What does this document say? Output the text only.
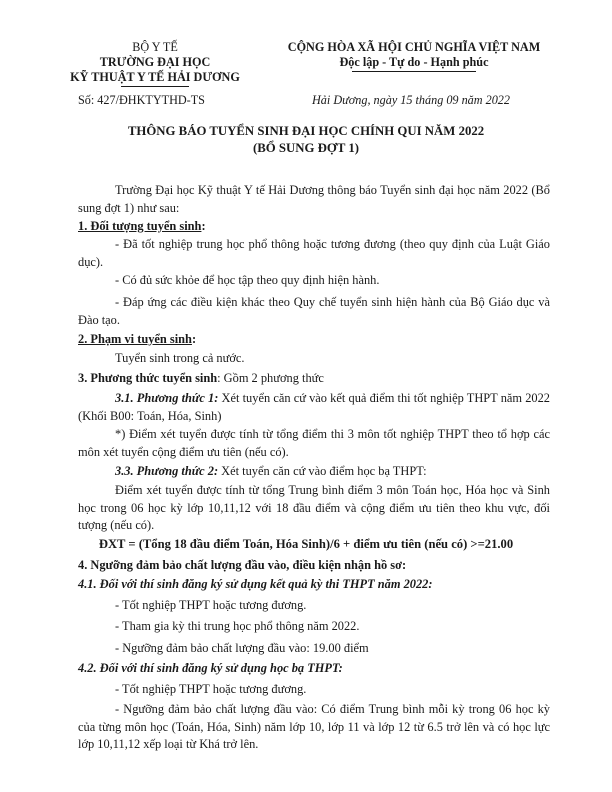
BỘ Y TẾ
TRƯỜNG ĐẠI HỌC
KỸ THUẬT Y TẾ HẢI DƯƠNG
Số: 427/ĐHKTYTHD-TS
CỘNG HÒA XÃ HỘI CHỦ NGHĨA VIỆT NAM
Độc lập - Tự do - Hạnh phúc
Hải Dương, ngày 15 tháng 09 năm 2022
THÔNG BÁO TUYỂN SINH ĐẠI HỌC CHÍNH QUI NĂM 2022
(BỔ SUNG ĐỢT 1)
Trường Đại học Kỹ thuật Y tế Hải Dương thông báo Tuyển sinh đại học năm 2022 (Bổ sung đợt 1) như sau:
1. Đối tượng tuyển sinh:
- Đã tốt nghiệp trung học phổ thông hoặc tương đương (theo quy định của Luật Giáo dục).
- Có đủ sức khỏe để học tập theo quy định hiện hành.
- Đáp ứng các điều kiện khác theo Quy chế tuyển sinh hiện hành của Bộ Giáo dục và Đào tạo.
2. Phạm vi tuyển sinh:
Tuyển sinh trong cả nước.
3. Phương thức tuyển sinh: Gồm 2 phương thức
3.1. Phương thức 1: Xét tuyển căn cứ vào kết quả điểm thi tốt nghiệp THPT năm 2022 (Khối B00: Toán, Hóa, Sinh)
*) Điểm xét tuyển được tính từ tổng điểm thi 3 môn tốt nghiệp THPT theo tổ hợp các môn xét tuyển cộng điểm ưu tiên (nếu có).
3.3. Phương thức 2: Xét tuyển căn cứ vào điểm học bạ THPT:
Điểm xét tuyển được tính từ tổng Trung bình điểm 3 môn Toán học, Hóa học và Sinh học trong 06 học kỳ lớp 10,11,12 với 18 đầu điểm và cộng điểm ưu tiên theo khu vực, đối tượng (nếu có).
ĐXT = (Tổng 18 đầu điểm Toán, Hóa Sinh)/6 + điểm ưu tiên (nếu có) >=21.00
4. Ngưỡng đảm bảo chất lượng đầu vào, điều kiện nhận hồ sơ:
4.1. Đối với thí sinh đăng ký sử dụng kết quả kỳ thi THPT năm 2022:
- Tốt nghiệp THPT hoặc tương đương.
- Tham gia kỳ thi trung học phổ thông năm 2022.
- Ngưỡng đảm bảo chất lượng đầu vào: 19.00 điểm
4.2. Đối với thí sinh đăng ký sử dụng học bạ THPT:
- Tốt nghiệp THPT hoặc tương đương.
- Ngưỡng đảm bảo chất lượng đầu vào: Có điểm Trung bình mỗi kỳ trong 06 học kỳ của từng môn học (Toán, Hóa, Sinh) năm lớp 10, lớp 11 và lớp 12 từ 6.5 trở lên và có học lực lớp 10,11,12 xếp loại từ Khá trở lên.
